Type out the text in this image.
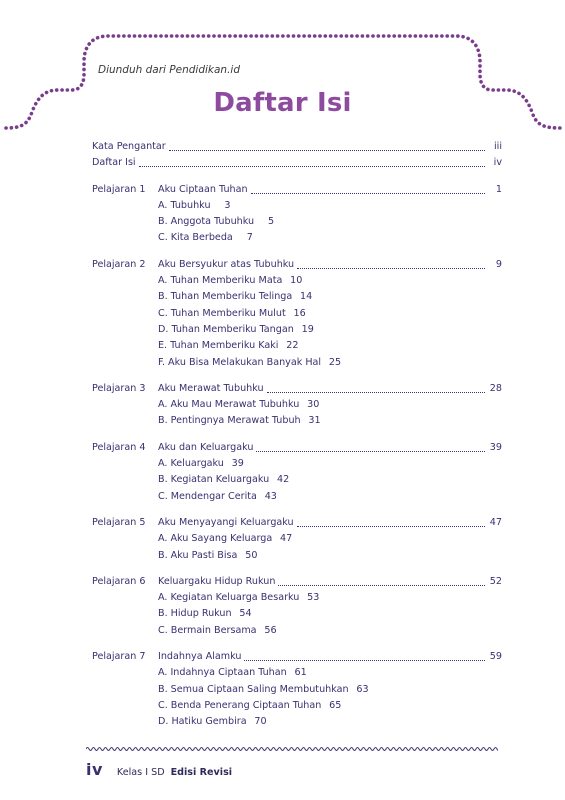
Diunduh dari Pendidikan.id
Daftar Isi
Kata Pengantar	iii
Daftar Isi	iv
Pelajaran 1	Aku Ciptaan Tuhan	1
A. Tubuhku	3
B. Anggota Tubuhku	5
C. Kita Berbeda	7
Pelajaran 2	Aku Bersyukur atas Tubuhku	9
A. Tuhan Memberiku Mata 10
B. Tuhan Memberiku Telinga 14
C. Tuhan Memberiku Mulut 16
D. Tuhan Memberiku Tangan 19
E. Tuhan Memberiku Kaki 22
F. Aku Bisa Melakukan Banyak Hal 25
Pelajaran 3	Aku Merawat Tubuhku	28
A. Aku Mau Merawat Tubuhku 30
B. Pentingnya Merawat Tubuh 31
Pelajaran 4	Aku dan Keluargaku	39
A. Keluargaku 39
B. Kegiatan Keluargaku 42
C. Mendengar Cerita 43
Pelajaran 5	Aku Menyayangi Keluargaku	47
A. Aku Sayang Keluarga 47
B. Aku Pasti Bisa 50
Pelajaran 6	Keluargaku Hidup Rukun	52
A. Kegiatan Keluarga Besarku 53
B. Hidup Rukun 54
C. Bermain Bersama 56
Pelajaran 7	Indahnya Alamku	59
A. Indahnya Ciptaan Tuhan 61
B. Semua Ciptaan Saling Membutuhkan 63
C. Benda Penerang Ciptaan Tuhan 65
D. Hatiku Gembira 70
iv Kelas I SD Edisi Revisi
